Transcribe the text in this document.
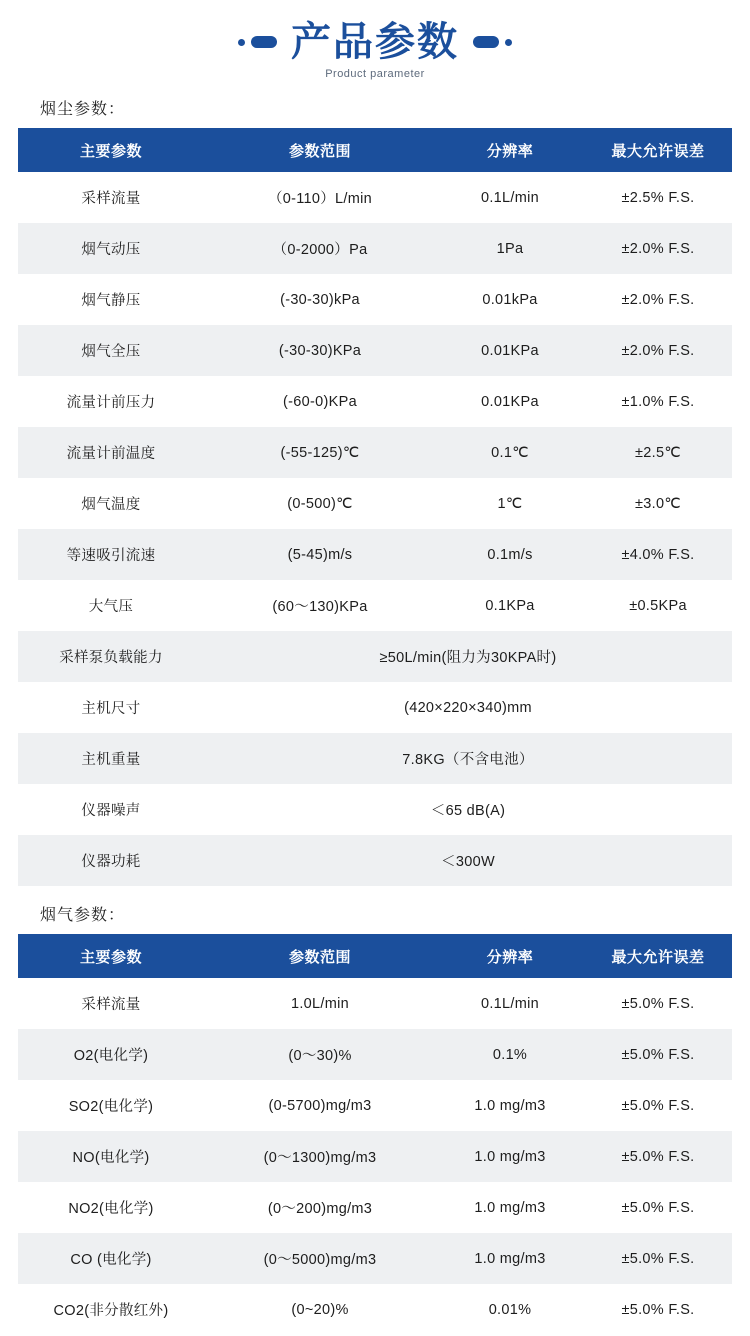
产品参数
Product parameter
烟尘参数：
主要参数	参数范围	分辨率	最大允许误差
采样流量	（0-110）L/min	0.1L/min	±2.5% F.S.
烟气动压	（0-2000）Pa	1Pa	±2.0% F.S.
烟气静压	(-30-30)kPa	0.01kPa	±2.0% F.S.
烟气全压	(-30-30)KPa	0.01KPa	±2.0% F.S.
流量计前压力	(-60-0)KPa	0.01KPa	±1.0% F.S.
流量计前温度	(-55-125)℃	0.1℃	±2.5℃
烟气温度	(0-500)℃	1℃	±3.0℃
等速吸引流速	(5-45)m/s	0.1m/s	±4.0% F.S.
大气压	(60～130)KPa	0.1KPa	±0.5KPa
采样泵负载能力	≥50L/min(阻力为30KPA时)		
主机尺寸	(420×220×340)mm		
主机重量	7.8KG（不含电池）		
仪器噪声	＜65 dB(A)		
仪器功耗	＜300W		
烟气参数：
主要参数	参数范围	分辨率	最大允许误差
采样流量	1.0L/min	0.1L/min	±5.0% F.S.
O2(电化学)	(0～30)%	0.1%	±5.0% F.S.
SO2(电化学)	(0-5700)mg/m3	1.0 mg/m3	±5.0% F.S.
NO(电化学)	(0～1300)mg/m3	1.0 mg/m3	±5.0% F.S.
NO2(电化学)	(0～200)mg/m3	1.0 mg/m3	±5.0% F.S.
CO (电化学)	(0～5000)mg/m3	1.0 mg/m3	±5.0% F.S.
CO2(非分散红外)	(0~20)%	0.01%	±5.0% F.S.
